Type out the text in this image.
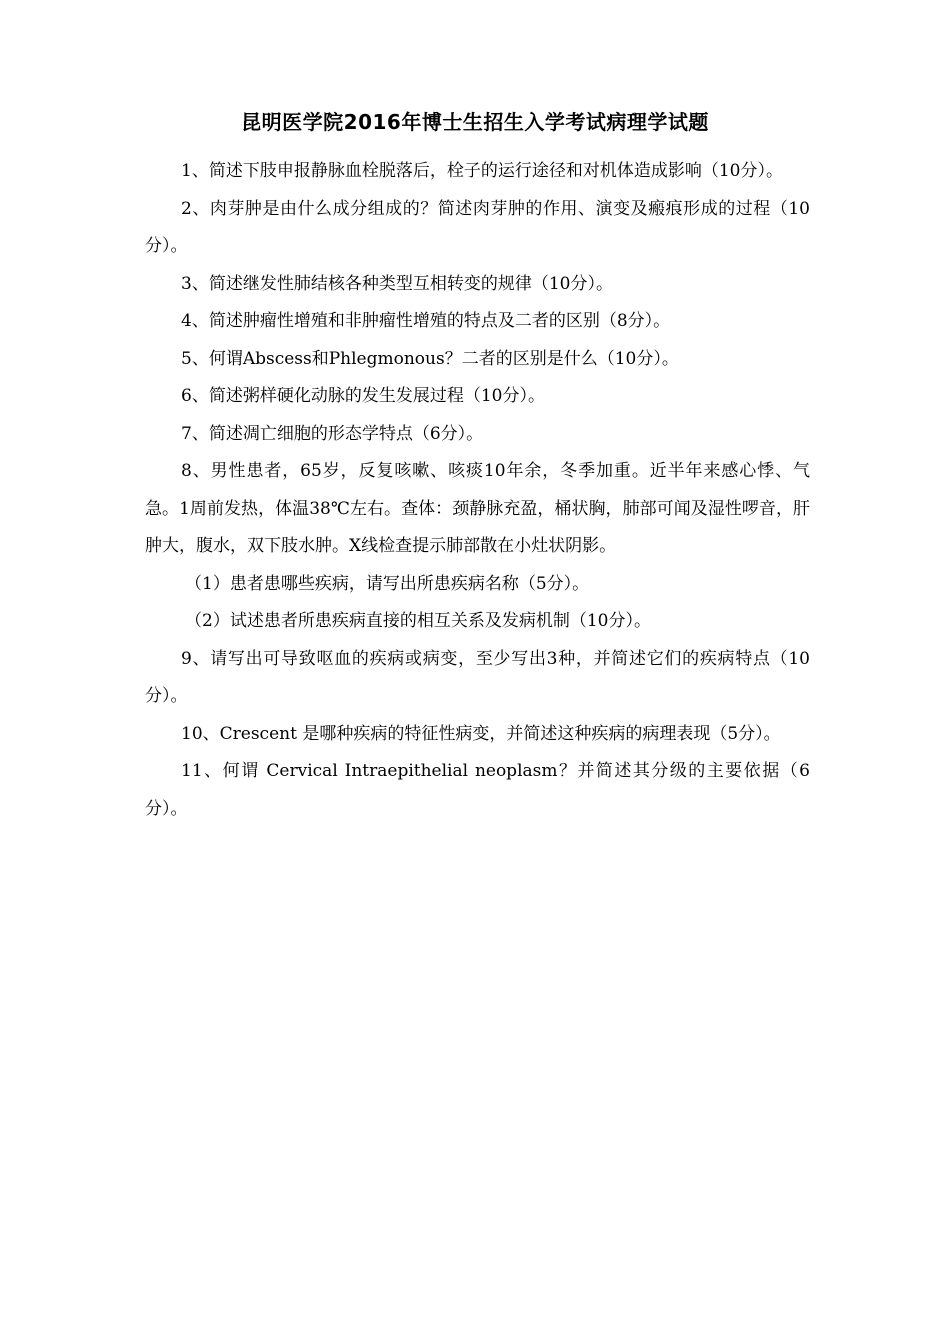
昆明医学院2016年博士生招生入学考试病理学试题

1、简述下肢申报静脉血栓脱落后，栓子的运行途径和对机体造成影响（10分）。

2、肉芽肿是由什么成分组成的？简述肉芽肿的作用、演变及瘢痕形成的过程（10分）。

3、简述继发性肺结核各种类型互相转变的规律（10分）。

4、简述肿瘤性增殖和非肿瘤性增殖的特点及二者的区别（8分）。

5、何谓Abscess和Phlegmonous？二者的区别是什么（10分）。

6、简述粥样硬化动脉的发生发展过程（10分）。

7、简述凋亡细胞的形态学特点（6分）。

8、男性患者，65岁，反复咳嗽、咳痰10年余，冬季加重。近半年来感心悸、气急。1周前发热，体温38℃左右。查体：颈静脉充盈，桶状胸，肺部可闻及湿性啰音，肝肿大，腹水，双下肢水肿。X线检查提示肺部散在小灶状阴影。

（1）患者患哪些疾病，请写出所患疾病名称（5分）。

（2）试述患者所患疾病直接的相互关系及发病机制（10分）。

9、请写出可导致呕血的疾病或病变，至少写出3种，并简述它们的疾病特点（10分）。

10、Crescent 是哪种疾病的特征性病变，并简述这种疾病的病理表现（5分）。

11、何谓 Cervical Intraepithelial neoplasm？并简述其分级的主要依据（6分）。
